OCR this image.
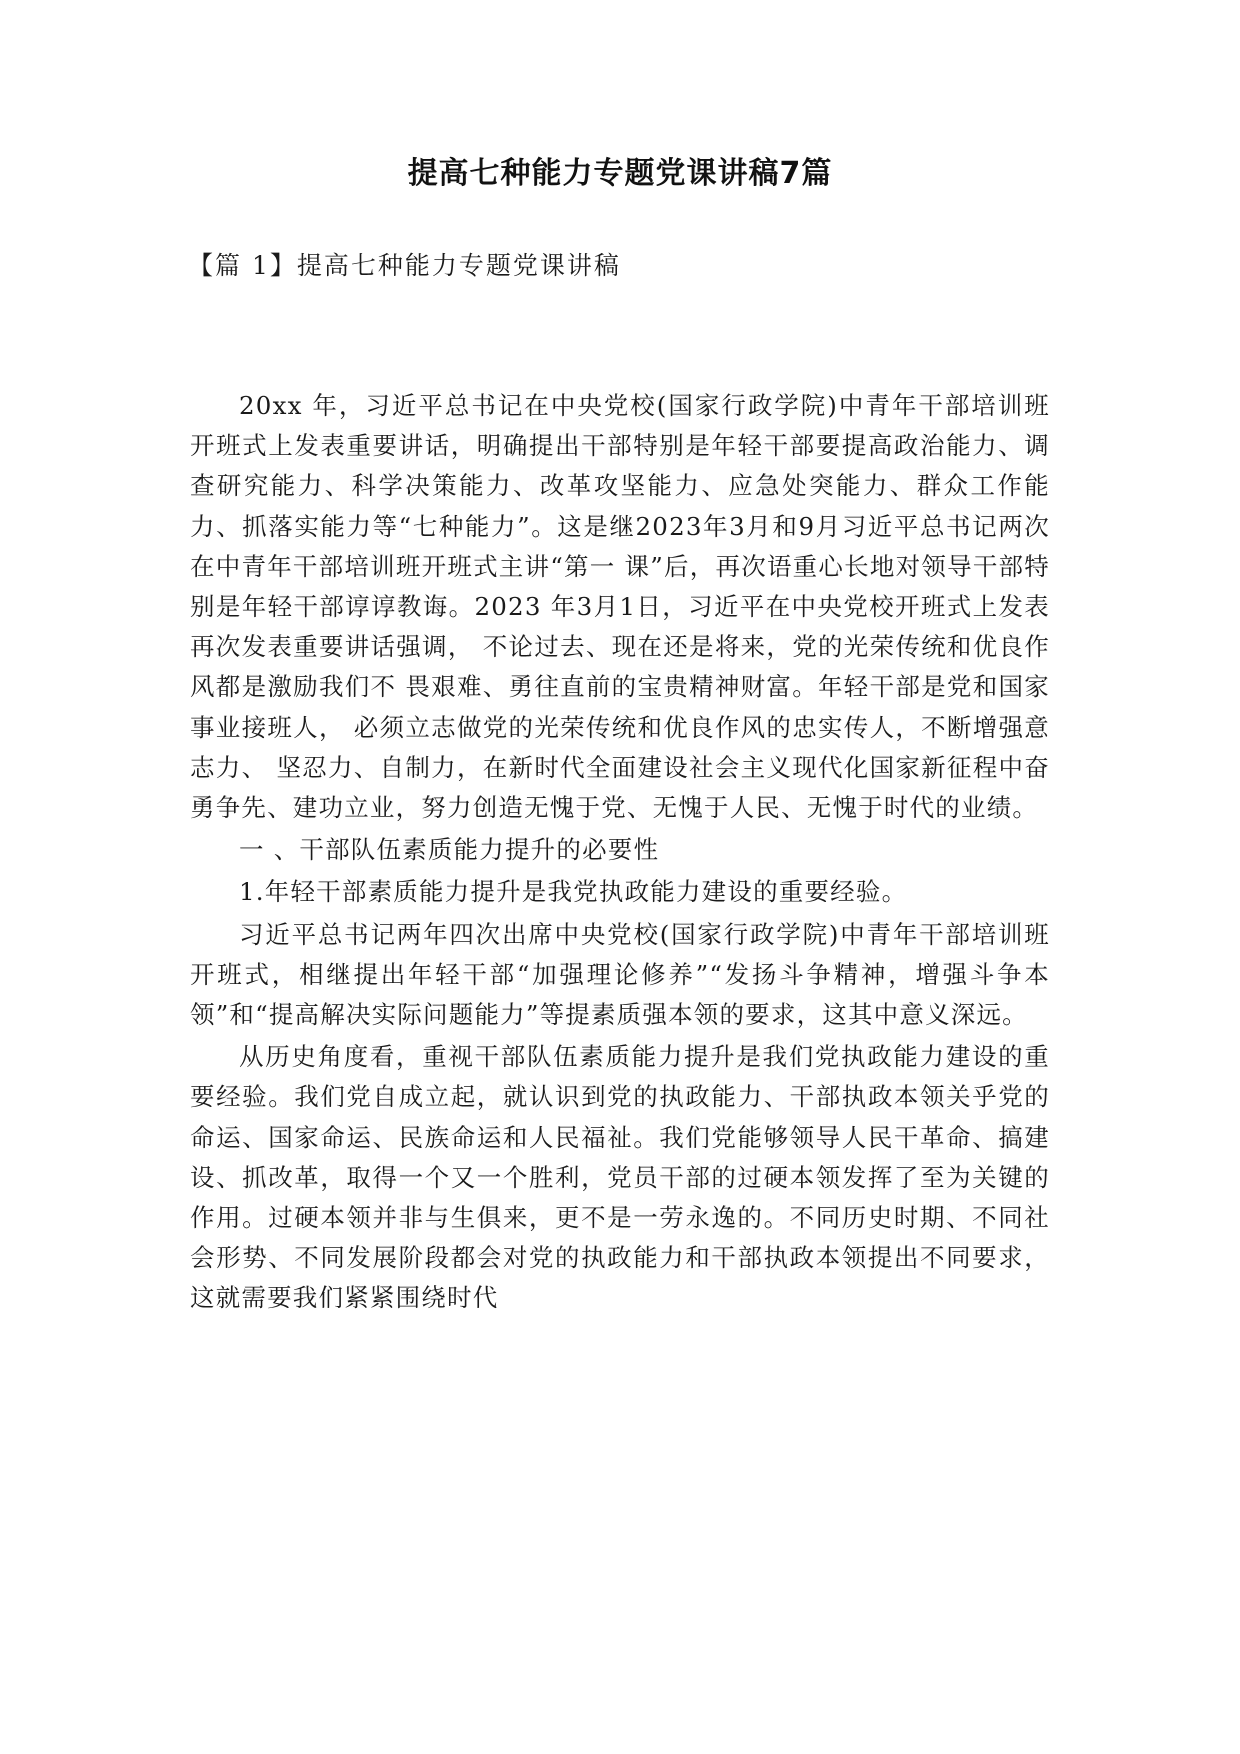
提高七种能力专题党课讲稿7篇
【篇 1】提高七种能力专题党课讲稿

20xx 年，习近平总书记在中央党校(国家行政学院)中青年干部培训班开班式上发表重要讲话，明确提出干部特别是年轻干部要提高政治能力、调查研究能力、科学决策能力、改革攻坚能力、应急处突能力、群众工作能力、抓落实能力等“七种能力”。这是继2023年3月和9月习近平总书记两次在中青年干部培训班开班式主讲“第一 课”后，再次语重心长地对领导干部特别是年轻干部谆谆教诲。2023 年3月1日，习近平在中央党校开班式上发表再次发表重要讲话强调， 不论过去、现在还是将来，党的光荣传统和优良作风都是激励我们不 畏艰难、勇往直前的宝贵精神财富。年轻干部是党和国家事业接班人， 必须立志做党的光荣传统和优良作风的忠实传人，不断增强意志力、 坚忍力、自制力，在新时代全面建设社会主义现代化国家新征程中奋 勇争先、建功立业，努力创造无愧于党、无愧于人民、无愧于时代的业绩。

一 、干部队伍素质能力提升的必要性

1.年轻干部素质能力提升是我党执政能力建设的重要经验。

习近平总书记两年四次出席中央党校(国家行政学院)中青年干部培训班开班式，相继提出年轻干部“加强理论修养”“发扬斗争精神，增强斗争本领”和“提高解决实际问题能力”等提素质强本领的要求，这其中意义深远。

从历史角度看，重视干部队伍素质能力提升是我们党执政能力建设的重要经验。我们党自成立起，就认识到党的执政能力、干部执政本领关乎党的命运、国家命运、民族命运和人民福祉。我们党能够领导人民干革命、搞建设、抓改革，取得一个又一个胜利，党员干部的过硬本领发挥了至为关键的作用。过硬本领并非与生俱来，更不是一劳永逸的。不同历史时期、不同社会形势、不同发展阶段都会对党的执政能力和干部执政本领提出不同要求，这就需要我们紧紧围绕时代
